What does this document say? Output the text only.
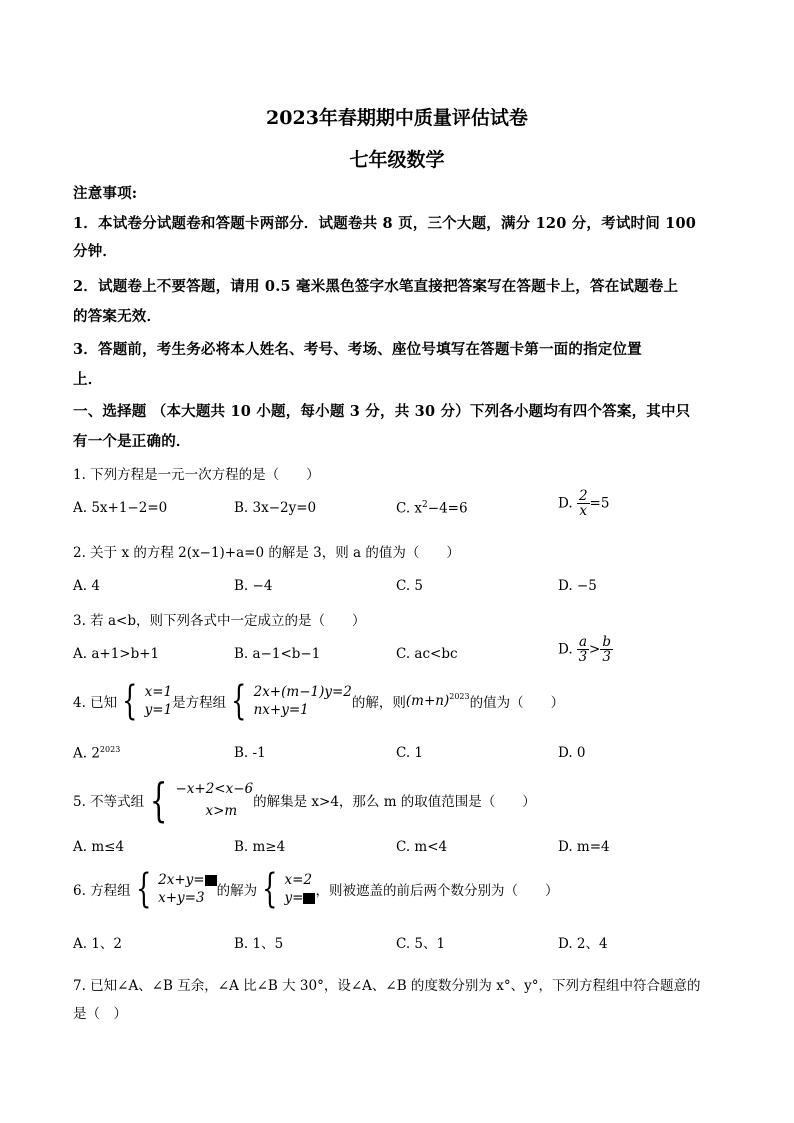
2023年春期期中质量评估试卷
七年级数学
注意事项:
1．本试卷分试题卷和答题卡两部分．试题卷共 8 页，三个大题，满分 120 分，考试时间 100
分钟．
2．试题卷上不要答题，请用 0.5 毫米黑色签字水笔直接把答案写在答题卡上，答在试题卷上
的答案无效．
3．答题前，考生务必将本人姓名、考号、考场、座位号填写在答题卡第一面的指定位置
上．
一、选择题 （本大题共 10 小题，每小题 3 分，共 30 分）下列各小题均有四个答案，其中只
有一个是正确的．
1. 下列方程是一元一次方程的是（　　）
A. 5x+1−2=0	B. 3x−2y=0	C. $x^2-4=6$	D. $\frac{2}{x} =5$
2. 关于 x 的方程 2(x−1)+a=0 的解是 3，则 a 的值为（　　）
A. 4	B. −4	C. 5	D. −5
3. 若 a<b，则下列各式中一定成立的是（　　）
A. a+1>b+1	B. a−1<b−1	C. ac<bc	D. $\frac{a}{3} > \frac{b}{3}$
4. 已知 { x=1
y=1 是方程组 { 2x+(m−1)y=2
nx+y=1	的解，则$(m+n)^{2023}$的值为（　　）
A. $2^{2023}$	B. -1	C. 1	D. 0
5. 不等式组 { −x+2<x−6
x>m
的解集是 x>4，那么 m 的取值范围是（　　）
A. m≤4	B. m≥4	C. m<4	D. m=4
6. 方程组 { 2x+y=
x+y=3 的解为 { x=2
y= ，则被遮盖的前后两个数分别为（　　）
A. 1、2	B. 1、5	C. 5、1	D. 2、4
7. 已知∠A、∠B 互余，∠A 比∠B 大 30°，设∠A、∠B 的度数分别为 x°、y°，下列方程组中符合题意的
是（　）
